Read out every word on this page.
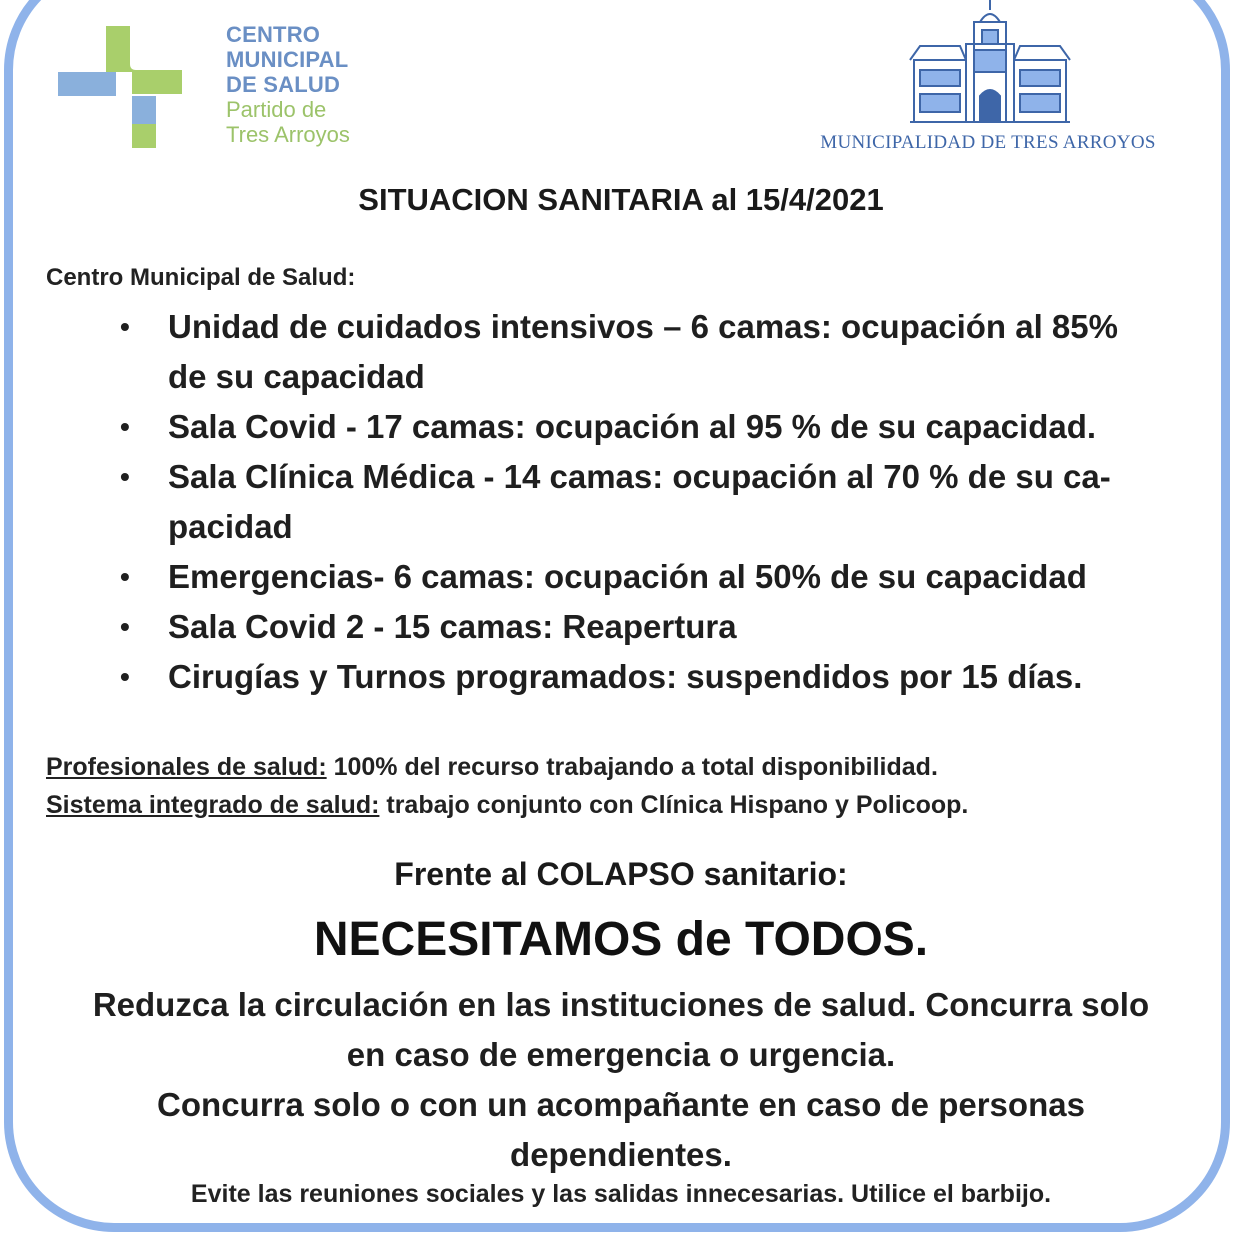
CENTRO
MUNICIPAL
DE SALUD
Partido de
Tres Arroyos	MUNICIPALIDAD DE TRES ARROYOS
SITUACION SANITARIA al 15/4/2021
Centro Municipal de Salud:
• Unidad de cuidados intensivos – 6 camas: ocupación al 85%
de su capacidad
• Sala Covid - 17 camas: ocupación al 95 % de su capacidad.
• Sala Clínica Médica - 14 camas: ocupación al 70 % de su ca-
pacidad
• Emergencias- 6 camas: ocupación al 50% de su capacidad
• Sala Covid 2 - 15 camas: Reapertura
• Cirugías y Turnos programados: suspendidos por 15 días.
Profesionales de salud: 100% del recurso trabajando a total disponibilidad.
Sistema integrado de salud: trabajo conjunto con Clínica Hispano y Policoop.
Frente al COLAPSO sanitario:
NECESITAMOS de TODOS.
Reduzca la circulación en las instituciones de salud. Concurra solo
en caso de emergencia o urgencia.
Concurra solo o con un acompañante en caso de personas
dependientes.
Evite las reuniones sociales y las salidas innecesarias. Utilice el barbijo.
